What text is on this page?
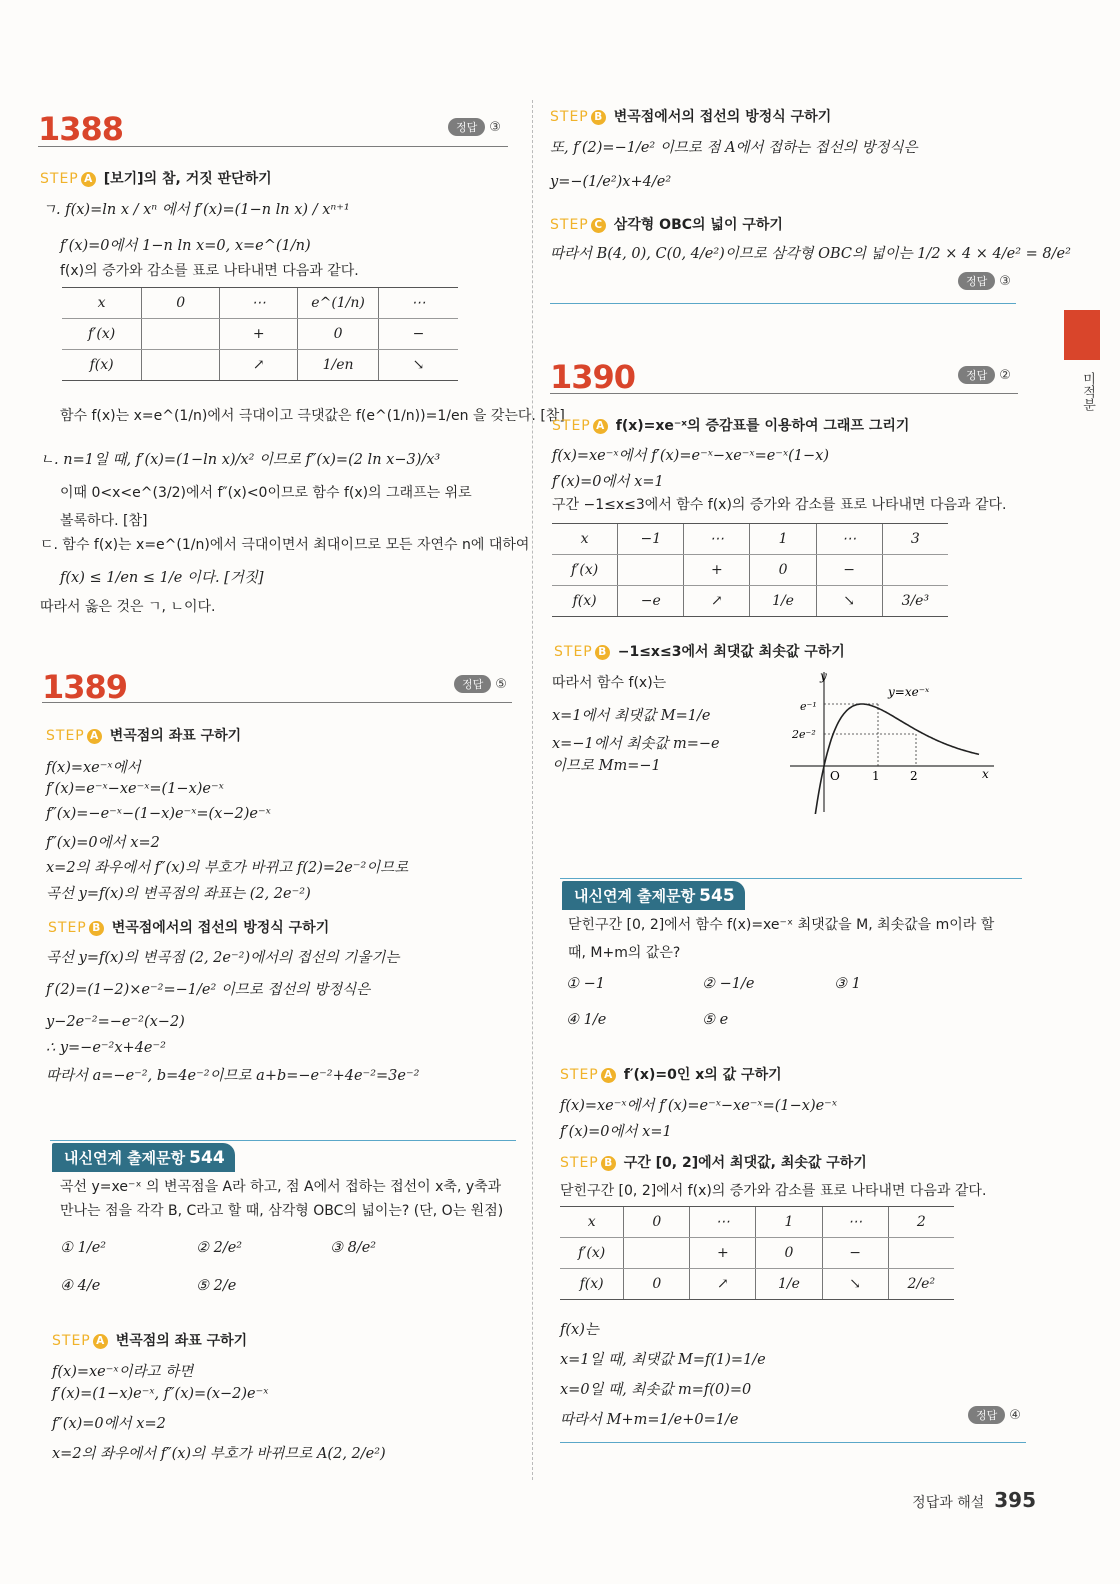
1388	정답 ③
STEP A [보기]의 참, 거짓 판단하기
ㄱ. f(x)=ln x / xⁿ 에서 f′(x)=(1−n ln x) / xⁿ⁺¹
f′(x)=0에서 1−n ln x=0, x=e^(1/n)
f(x)의 증가와 감소를 표로 나타내면 다음과 같다.
x	0	⋯	e^(1/n)	⋯
f′(x)		+	0	−
f(x)		↗	1/en	↘
함수 f(x)는 x=e^(1/n)에서 극대이고 극댓값은 f(e^(1/n))=1/en 을 갖는다. [참]
ㄴ. n=1일 때, f′(x)=(1−ln x)/x² 이므로 f″(x)=(2 ln x−3)/x³
이때 0<x<e^(3/2)에서 f″(x)<0이므로 함수 f(x)의 그래프는 위로
볼록하다. [참]
ㄷ. 함수 f(x)는 x=e^(1/n)에서 극대이면서 최대이므로 모든 자연수 n에 대하여
f(x) ≤ 1/en ≤ 1/e 이다. [거짓]
따라서 옳은 것은 ㄱ, ㄴ이다.
1389	정답 ⑤
STEP A 변곡점의 좌표 구하기
f(x)=xe⁻ˣ에서
f′(x)=e⁻ˣ−xe⁻ˣ=(1−x)e⁻ˣ
f″(x)=−e⁻ˣ−(1−x)e⁻ˣ=(x−2)e⁻ˣ
f″(x)=0에서 x=2
x=2의 좌우에서 f″(x)의 부호가 바뀌고 f(2)=2e⁻²이므로
곡선 y=f(x)의 변곡점의 좌표는 (2, 2e⁻²)
STEP B 변곡점에서의 접선의 방정식 구하기
곡선 y=f(x)의 변곡점 (2, 2e⁻²)에서의 접선의 기울기는
f′(2)=(1−2)×e⁻²=−1/e² 이므로 접선의 방정식은
y−2e⁻²=−e⁻²(x−2)
∴ y=−e⁻²x+4e⁻²
따라서 a=−e⁻², b=4e⁻²이므로 a+b=−e⁻²+4e⁻²=3e⁻²
내신연계 출제문항 544
곡선 y=xe⁻ˣ 의 변곡점을 A라 하고, 점 A에서 접하는 접선이 x축, y축과
만나는 점을 각각 B, C라고 할 때, 삼각형 OBC의 넓이는? (단, O는 원점)
① 1/e²	② 2/e²	③ 8/e²
④ 4/e	⑤ 2/e
STEP A 변곡점의 좌표 구하기
f(x)=xe⁻ˣ이라고 하면
f′(x)=(1−x)e⁻ˣ, f″(x)=(x−2)e⁻ˣ
f″(x)=0에서 x=2
x=2의 좌우에서 f″(x)의 부호가 바뀌므로 A(2, 2/e²)
STEP B 변곡점에서의 접선의 방정식 구하기
또, f′(2)=−1/e² 이므로 점 A에서 접하는 접선의 방정식은
y=−(1/e²)x+4/e²
STEP C 삼각형 OBC의 넓이 구하기
따라서 B(4, 0), C(0, 4/e²)이므로 삼각형 OBC의 넓이는 1/2 × 4 × 4/e² = 8/e²
정답 ③
1390	정답 ②
STEP A f(x)=xe⁻ˣ의 증감표를 이용하여 그래프 그리기
f(x)=xe⁻ˣ에서 f′(x)=e⁻ˣ−xe⁻ˣ=e⁻ˣ(1−x)
f′(x)=0에서 x=1
구간 −1≤x≤3에서 함수 f(x)의 증가와 감소를 표로 나타내면 다음과 같다.
x	−1	⋯	1	⋯	3
f′(x)		+	0	−	
f(x)	−e	↗	1/e	↘	3/e³
STEP B −1≤x≤3에서 최댓값 최솟값 구하기
따라서 함수 f(x)는
x=1에서 최댓값 M=1/e
x=−1에서 최솟값 m=−e
이므로 Mm=−1
y
x
O	1	2
e⁻¹
2e⁻²
y=xe⁻ˣ
내신연계 출제문항 545
닫힌구간 [0, 2]에서 함수 f(x)=xe⁻ˣ 최댓값을 M, 최솟값을 m이라 할
때, M+m의 값은?
① −1	② −1/e	③ 1
④ 1/e	⑤ e
STEP A f′(x)=0인 x의 값 구하기
f(x)=xe⁻ˣ에서 f′(x)=e⁻ˣ−xe⁻ˣ=(1−x)e⁻ˣ
f′(x)=0에서 x=1
STEP B 구간 [0, 2]에서 최댓값, 최솟값 구하기
닫힌구간 [0, 2]에서 f(x)의 증가와 감소를 표로 나타내면 다음과 같다.
x	0	⋯	1	⋯	2
f′(x)		+	0	−	
f(x)	0	↗	1/e	↘	2/e²
f(x)는
x=1일 때, 최댓값 M=f(1)=1/e
x=0일 때, 최솟값 m=f(0)=0
따라서 M+m=1/e+0=1/e	정답 ④
미적분
정답과 해설 395
